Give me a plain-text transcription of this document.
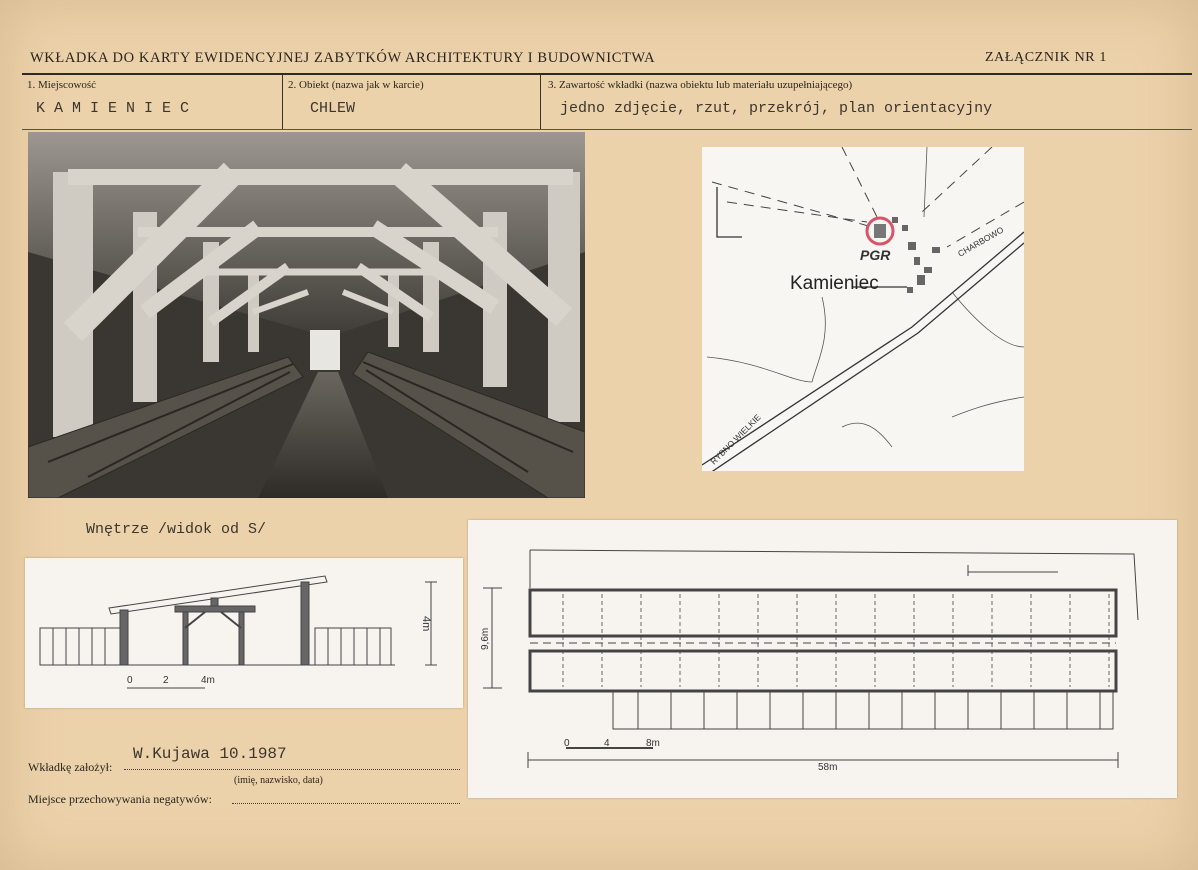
WKŁADKA DO KARTY EWIDENCYJNEJ ZABYTKÓW ARCHITEKTURY I BUDOWNICTWA	ZAŁĄCZNIK NR 1
1. Miejscowość
KAMIENIEC
2. Obiekt (nazwa jak w karcie)
CHLEW
3. Zawartość wkładki (nazwa obiektu lub materiału uzupełniającego)
jedno zdjęcie, rzut, przekrój, plan orientacyjny
Wnętrze /widok od S/
PGR
Kamieniec
CHARBOWO
RYBNO WIELKIE
0	2	4m
4m
0	4	8m
58m
9,6m
Wkładkę założył:
W.Kujawa 10.1987
(imię, nazwisko, data)
Miejsce przechowywania negatywów:
